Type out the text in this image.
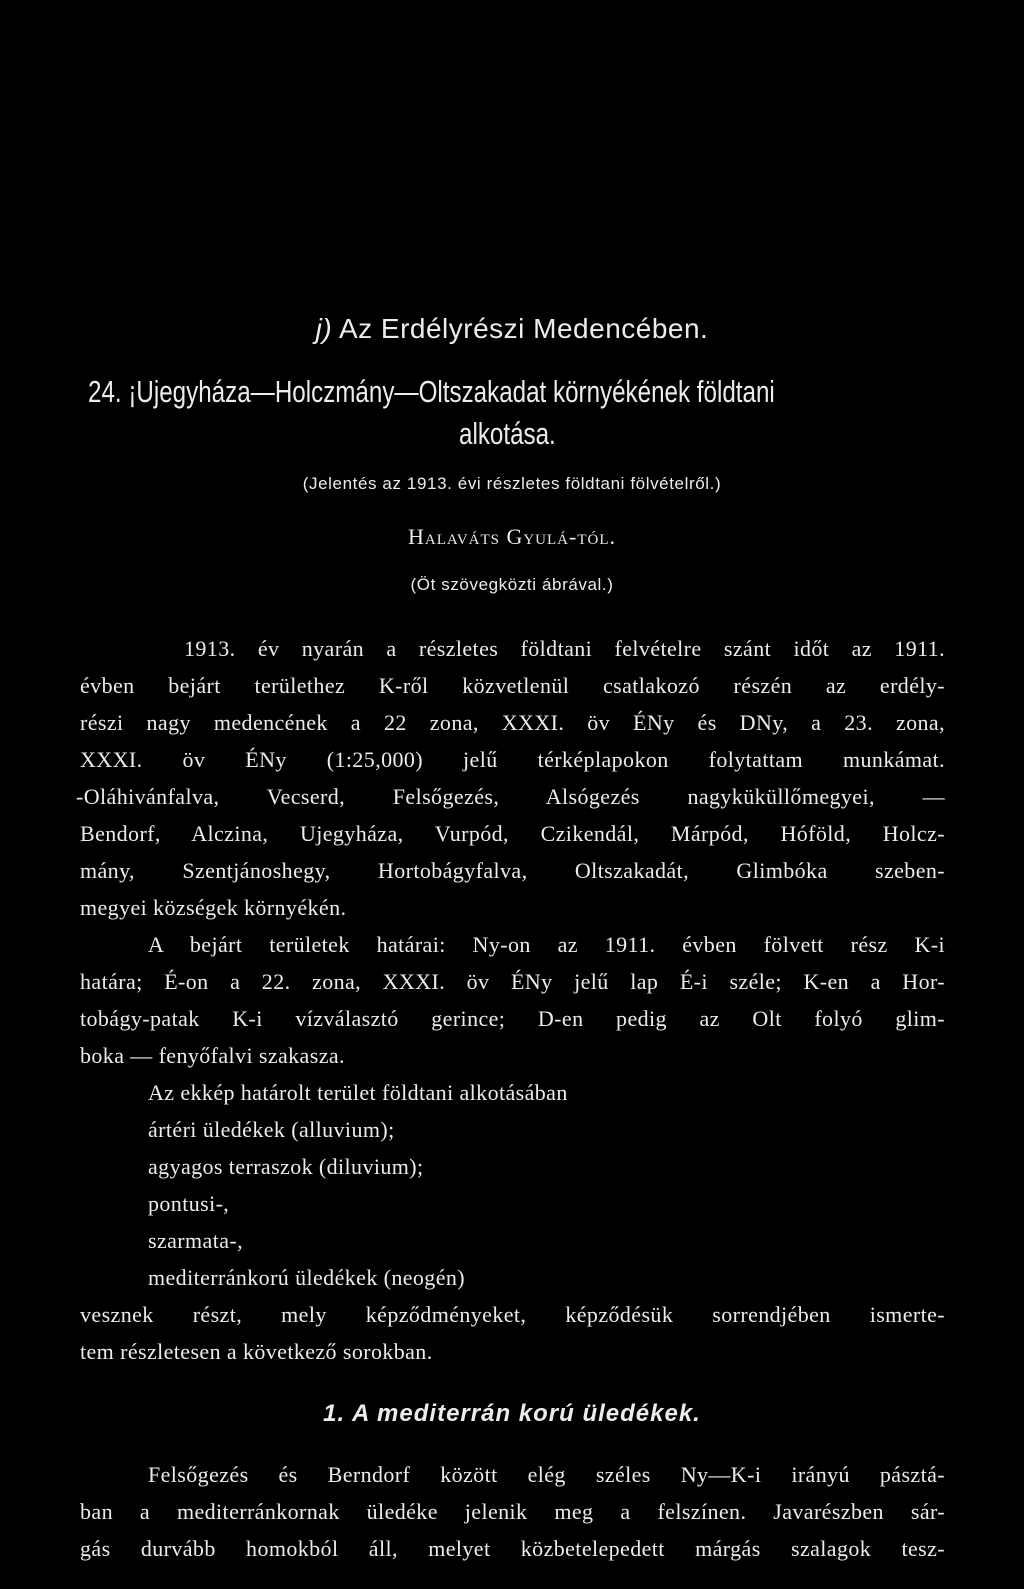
j) Az Erdélyrészi Medencében.
24. ¡Ujegyháza—Holczmány—Oltszakadat környékének földtani
alkotása.
(Jelentés az 1913. évi részletes földtani fölvételről.)
Halaváts Gyulá-tól.
(Öt szövegközti ábrával.)
1913. év nyarán a részletes földtani felvételre szánt időt az 1911.
évben bejárt területhez K-ről közvetlenül csatlakozó részén az erdély-
részi nagy medencének a 22 zona, XXXI. öv ÉNy és DNy, a 23. zona,
XXXI. öv ÉNy (1:25,000) jelű térképlapokon folytattam munkámat.
-Oláhivánfalva, Vecserd, Felsőgezés, Alsógezés nagyküküllőmegyei, —
Bendorf, Alczina, Ujegyháza, Vurpód, Czikendál, Márpód, Hóföld, Holcz-
mány, Szentjánoshegy, Hortobágyfalva, Oltszakadát, Glimbóka szeben-
megyei községek környékén.
A bejárt területek határai: Ny-on az 1911. évben fölvett rész K-i
határa; É-on a 22. zona, XXXI. öv ÉNy jelű lap É-i széle; K-en a Hor-
tobágy-patak K-i vízválasztó gerince; D-en pedig az Olt folyó glim-
boka — fenyőfalvi szakasza.
Az ekkép határolt terület földtani alkotásában
ártéri üledékek (alluvium);
agyagos terraszok (diluvium);
pontusi-,
szarmata-,
mediterránkorú üledékek (neogén)
vesznek részt, mely képződményeket, képződésük sorrendjében ismerte-
tem részletesen a következő sorokban.
1. A mediterrán korú üledékek.
Felsőgezés és Berndorf között elég széles Ny—K-i irányú pásztá-
ban a mediterránkornak üledéke jelenik meg a felszínen. Javarészben sár-
gás durvább homokból áll, melyet közbetelepedett márgás szalagok tesz-
